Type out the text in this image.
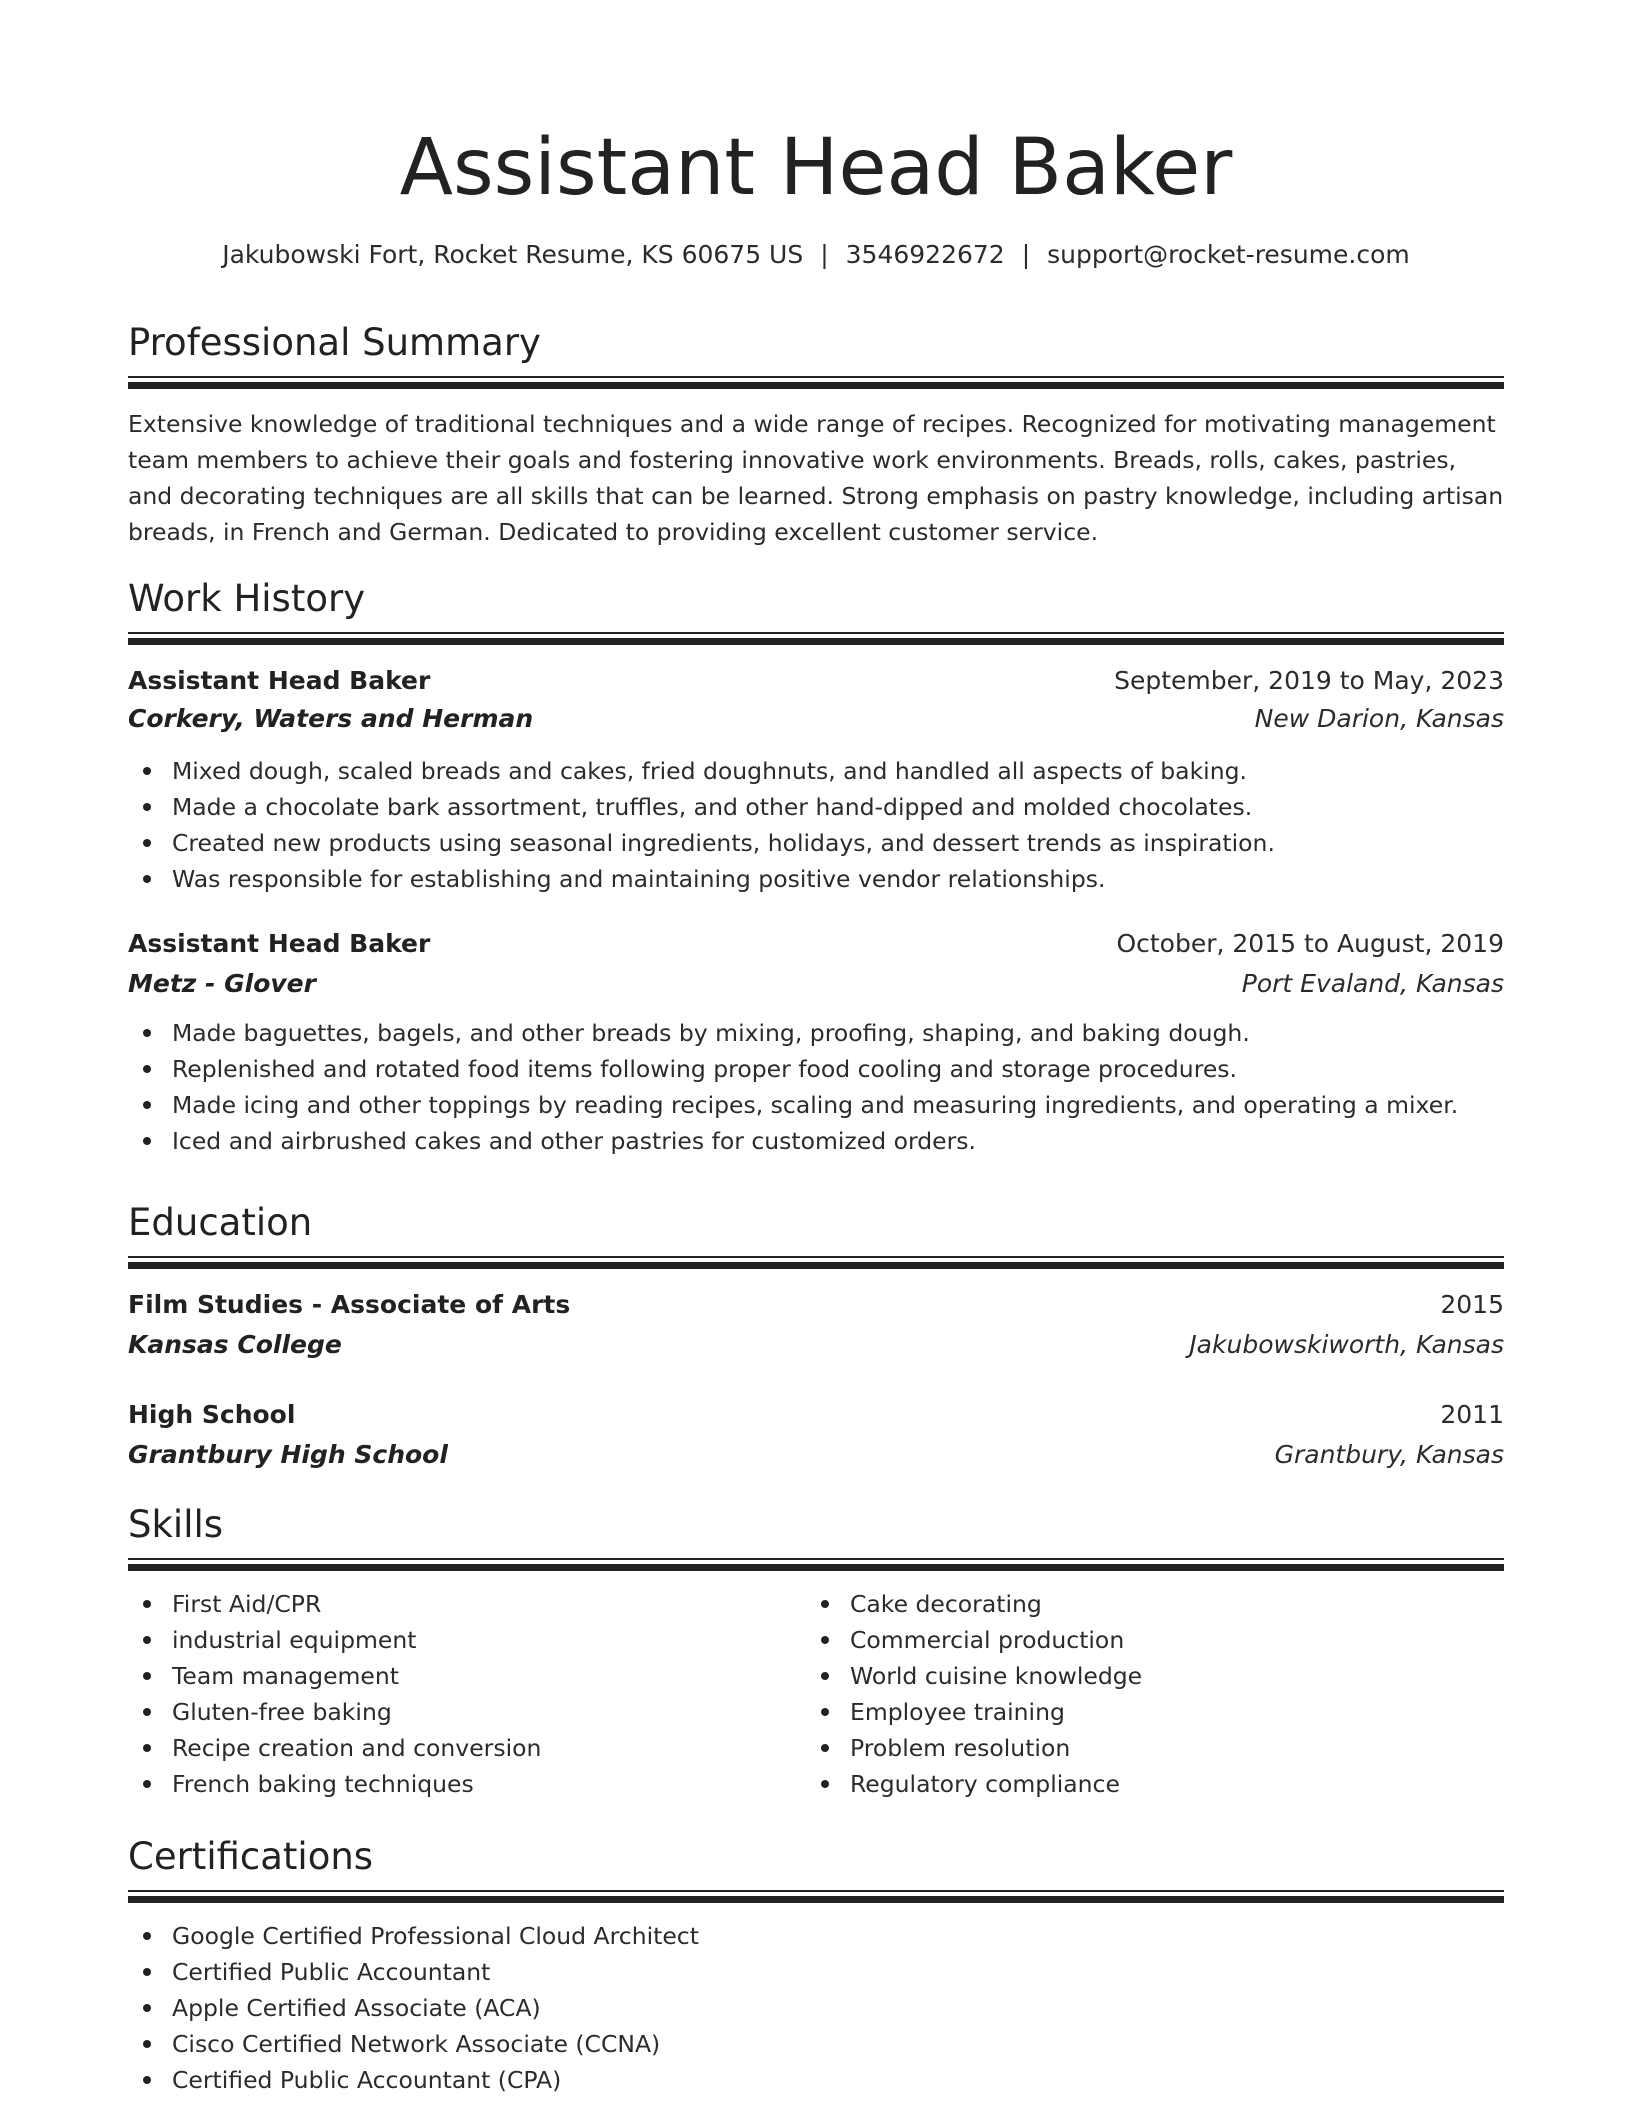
Assistant Head Baker
Jakubowski Fort, Rocket Resume, KS 60675 US | 3546922672 | support@rocket-resume.com
Professional Summary
Extensive knowledge of traditional techniques and a wide range of recipes. Recognized for motivating management team members to achieve their goals and fostering innovative work environments. Breads, rolls, cakes, pastries, and decorating techniques are all skills that can be learned. Strong emphasis on pastry knowledge, including artisan breads, in French and German. Dedicated to providing excellent customer service.
Work History
Assistant Head Baker	September, 2019 to May, 2023
Corkery, Waters and Herman	New Darion, Kansas
Mixed dough, scaled breads and cakes, fried doughnuts, and handled all aspects of baking.
Made a chocolate bark assortment, truffles, and other hand-dipped and molded chocolates.
Created new products using seasonal ingredients, holidays, and dessert trends as inspiration.
Was responsible for establishing and maintaining positive vendor relationships.
Assistant Head Baker	October, 2015 to August, 2019
Metz - Glover	Port Evaland, Kansas
Made baguettes, bagels, and other breads by mixing, proofing, shaping, and baking dough.
Replenished and rotated food items following proper food cooling and storage procedures.
Made icing and other toppings by reading recipes, scaling and measuring ingredients, and operating a mixer.
Iced and airbrushed cakes and other pastries for customized orders.
Education
Film Studies - Associate of Arts	2015
Kansas College	Jakubowskiworth, Kansas
High School	2011
Grantbury High School	Grantbury, Kansas
Skills
First Aid/CPR
industrial equipment
Team management
Gluten-free baking
Recipe creation and conversion
French baking techniques
Cake decorating
Commercial production
World cuisine knowledge
Employee training
Problem resolution
Regulatory compliance
Certifications
Google Certified Professional Cloud Architect
Certified Public Accountant
Apple Certified Associate (ACA)
Cisco Certified Network Associate (CCNA)
Certified Public Accountant (CPA)
